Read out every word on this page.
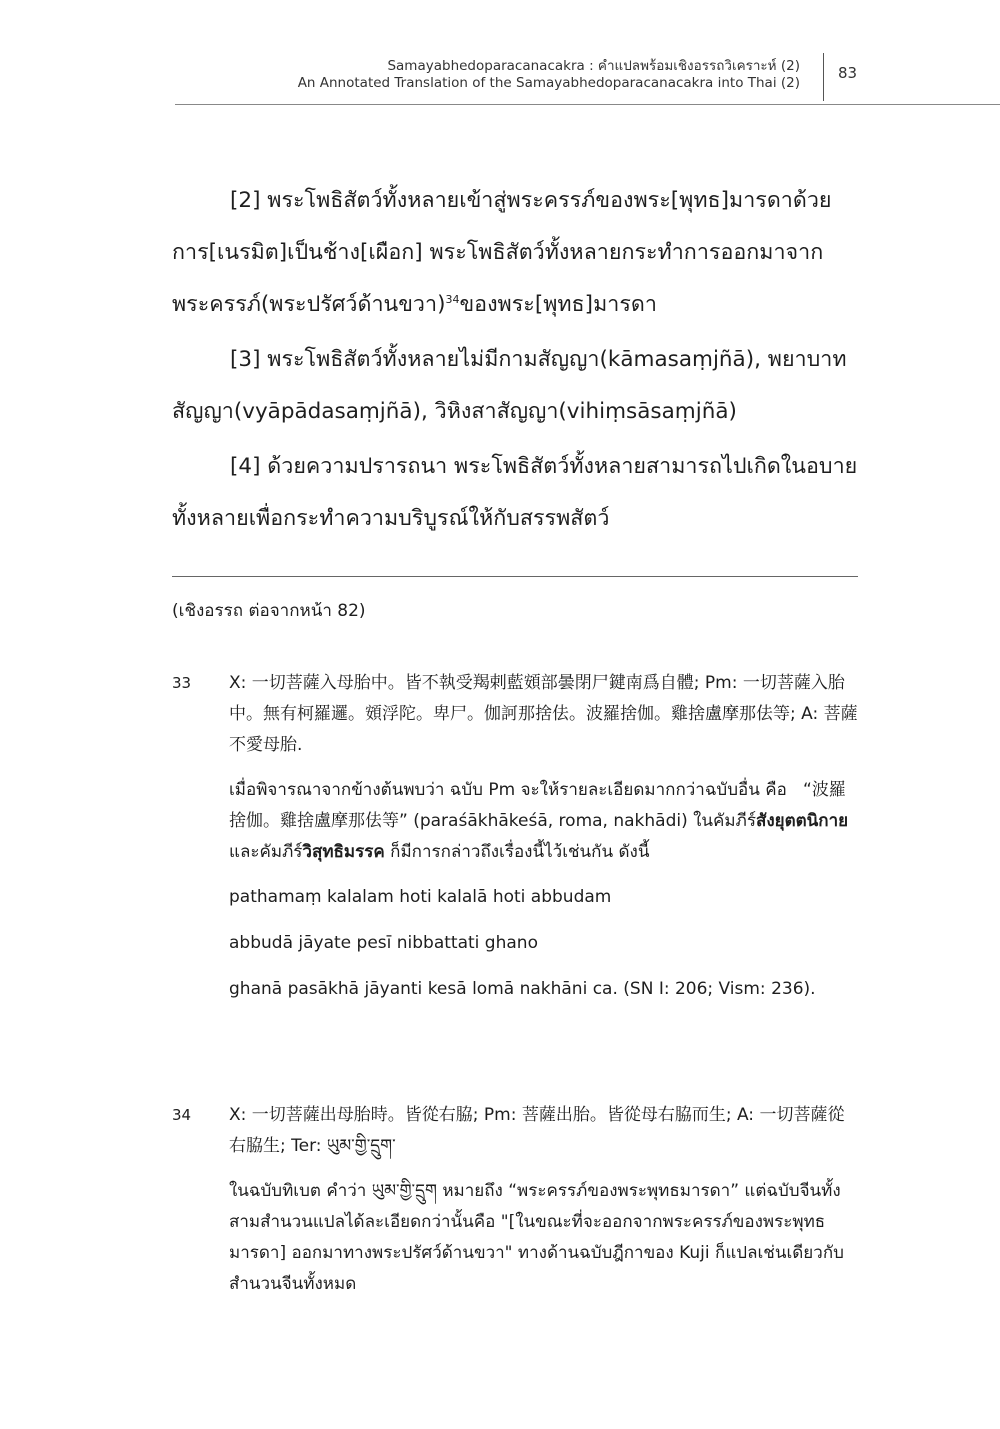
Samayabhedoparacanacakra : คำแปลพร้อมเชิงอรรถวิเคราะห์ (2)
An Annotated Translation of the Samayabhedoparacanacakra into Thai (2)
83

[2] พระโพธิสัตว์ทั้งหลายเข้าสู่พระครรภ์ของพระ[พุทธ]มารดาด้วยการ[เนรมิต]เป็นช้าง[เผือก] พระโพธิสัตว์ทั้งหลายกระทำการออกมาจากพระครรภ์(พระปรัศว์ด้านขวา)$^{34}$ของพระ[พุทธ]มารดา

[3] พระโพธิสัตว์ทั้งหลายไม่มีกามสัญญา(kāmasaṃjñā), พยาบาทสัญญา(vyāpādasaṃjñā), วิหิงสาสัญญา(vihiṃsāsaṃjñā)

[4] ด้วยความปรารถนา พระโพธิสัตว์ทั้งหลายสามารถไปเกิดในอบายทั้งหลายเพื่อกระทำความบริบูรณ์ให้กับสรรพสัตว์

(เชิงอรรถ ต่อจากหน้า 82)
33 X: 一切菩薩入母胎中。皆不執受羯剌藍頞部曇閉尸鍵南爲自體; Pm: 一切菩薩入胎中。無有柯羅邏。頞浮陀。卑尸。伽訶那捨佉。波羅捨伽。雞捨盧摩那佉等; A: 菩薩不愛母胎.

เมื่อพิจารณาจากข้างต้นพบว่า ฉบับ Pm จะให้รายละเอียดมากกว่าฉบับอื่น คือ   “波羅捨伽。雞捨盧摩那佉等” (paraśākhākeśā, roma, nakhādi) ในคัมภีร์สังยุตตนิกาย และคัมภีร์วิสุทธิมรรค ก็มีการกล่าวถึงเรื่องนี้ไว้เช่นกัน ดังนี้

pathamaṃ kalalam hoti kalalā hoti abbudam

abbudā jāyate pesī nibbattati ghano

ghanā pasākhā jāyanti kesā lomā nakhāni ca. (SN I: 206; Vism: 236).

34 X: 一切菩薩出母胎時。皆從右脇; Pm: 菩薩出胎。皆從母右脇而生; A: 一切菩薩從右脇生; Ter: ཡུམ་གྱི་དྲུག་

ในฉบับทิเบต คำว่า ཡུམ་གྱི་དྲུག หมายถึง “พระครรภ์ของพระพุทธมารดา” แต่ฉบับจีนทั้งสามสำนวนแปลได้ละเอียดกว่านั้นคือ "[ในขณะที่จะออกจากพระครรภ์ของพระพุทธมารดา] ออกมาทางพระปรัศว์ด้านขวา" ทางด้านฉบับฎีกาของ Kuji ก็แปลเช่นเดียวกับสำนวนจีนทั้งหมด
